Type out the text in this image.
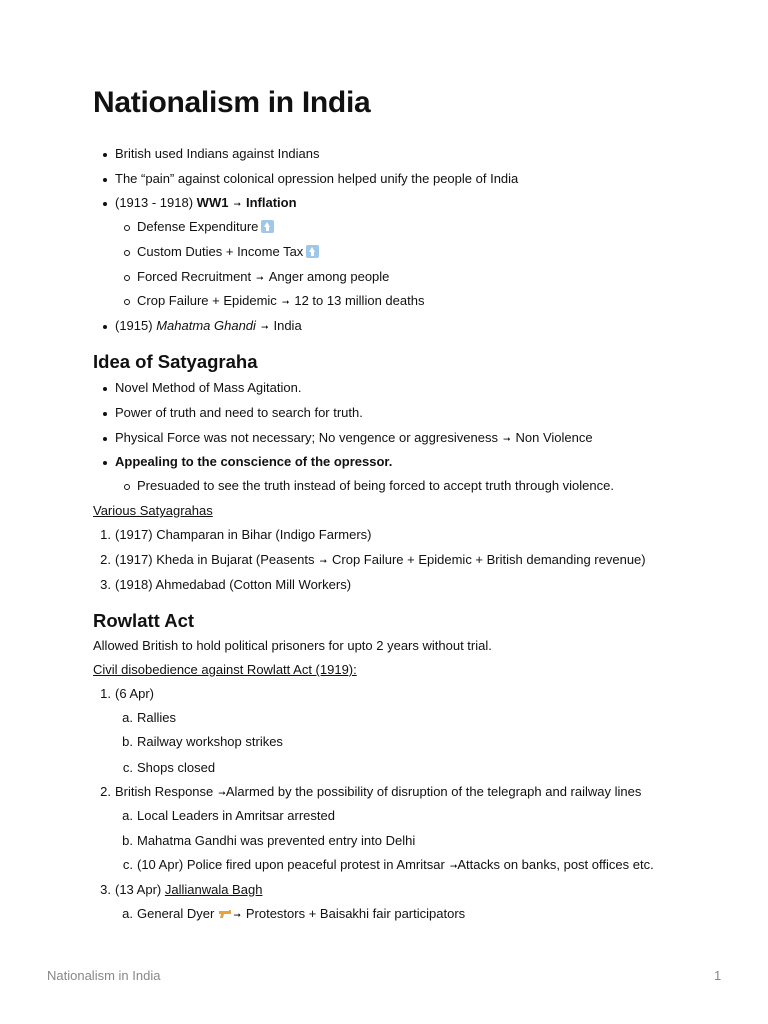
Nationalism in India
British used Indians against Indians
The “pain” against colonical opression helped unify the people of India
(1913 - 1918) WW1 ➞ Inflation
Defense Expenditure
Custom Duties + Income Tax
Forced Recruitment ➞ Anger among people
Crop Failure + Epidemic ➞ 12 to 13 million deaths
(1915) Mahatma Ghandi ➞ India
Idea of Satyagraha
Novel Method of Mass Agitation.
Power of truth and need to search for truth.
Physical Force was not necessary; No vengence or aggresiveness ➞ Non Violence
Appealing to the conscience of the opressor.
Presuaded to see the truth instead of being forced to accept truth through violence.
Various Satyagrahas
1. (1917) Champaran in Bihar (Indigo Farmers)
2. (1917) Kheda in Bujarat (Peasents ➞ Crop Failure + Epidemic + British demanding revenue)
3. (1918) Ahmedabad (Cotton Mill Workers)
Rowlatt Act
Allowed British to hold political prisoners for upto 2 years without trial.
Civil disobedience against Rowlatt Act (1919):
1. (6 Apr)
a. Rallies
b. Railway workshop strikes
c. Shops closed
2. British Response ➞Alarmed by the possibility of disruption of the telegraph and railway lines
a. Local Leaders in Amritsar arrested
b. Mahatma Gandhi was prevented entry into Delhi
c. (10 Apr) Police fired upon peaceful protest in Amritsar ➞Attacks on banks, post offices etc.
3. (13 Apr) Jallianwala Bagh
a. General Dyer ➞ Protestors + Baisakhi fair participators
Nationalism in India	1
